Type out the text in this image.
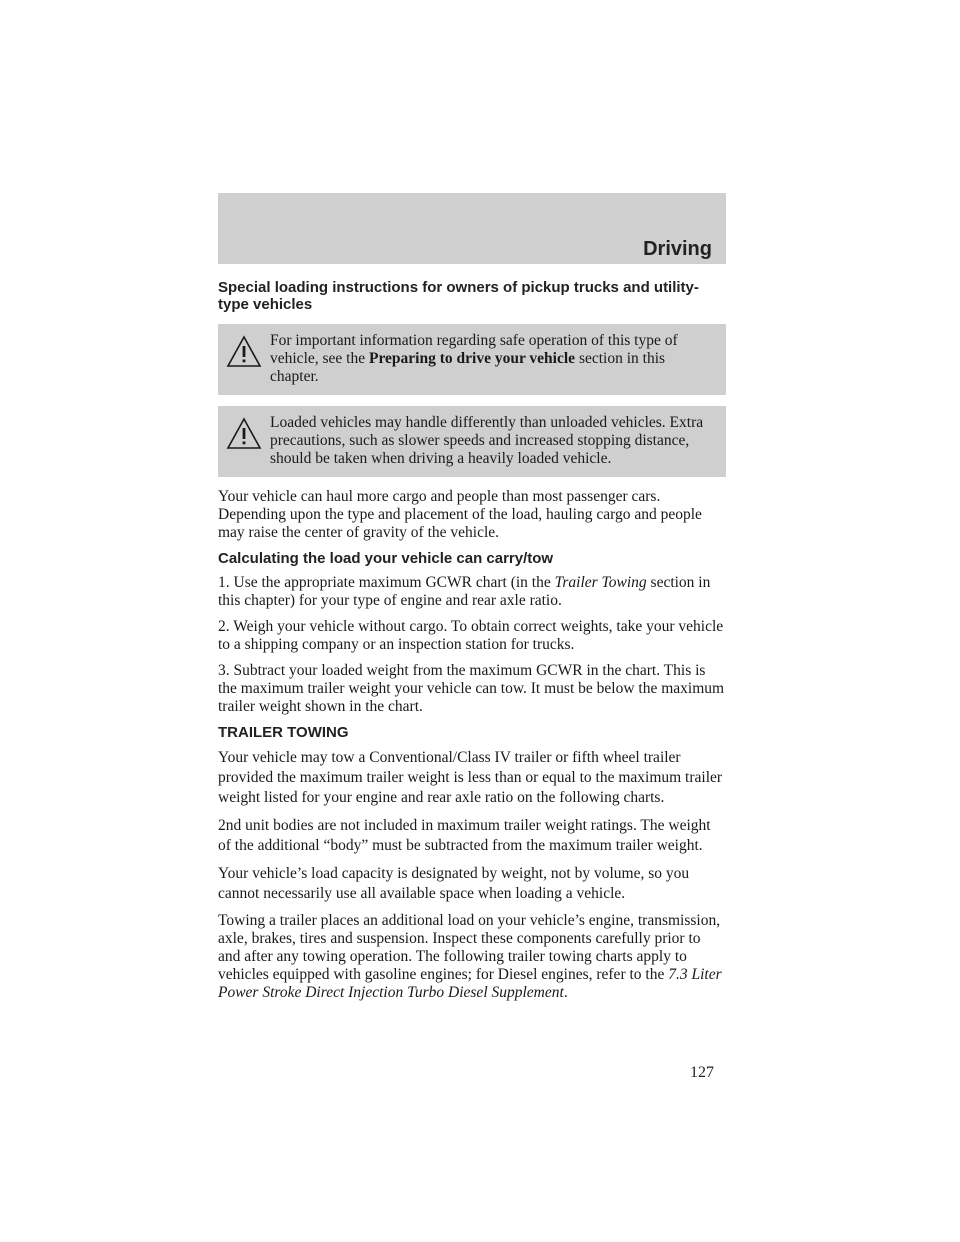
Driving
Special loading instructions for owners of pickup trucks and utility-type vehicles

For important information regarding safe operation of this type of vehicle, see the Preparing to drive your vehicle section in this chapter.

Loaded vehicles may handle differently than unloaded vehicles. Extra precautions, such as slower speeds and increased stopping distance, should be taken when driving a heavily loaded vehicle.

Your vehicle can haul more cargo and people than most passenger cars. Depending upon the type and placement of the load, hauling cargo and people may raise the center of gravity of the vehicle.

Calculating the load your vehicle can carry/tow

1. Use the appropriate maximum GCWR chart (in the Trailer Towing section in this chapter) for your type of engine and rear axle ratio.

2. Weigh your vehicle without cargo. To obtain correct weights, take your vehicle to a shipping company or an inspection station for trucks.

3. Subtract your loaded weight from the maximum GCWR in the chart. This is the maximum trailer weight your vehicle can tow. It must be below the maximum trailer weight shown in the chart.

TRAILER TOWING

Your vehicle may tow a Conventional/Class IV trailer or fifth wheel trailer provided the maximum trailer weight is less than or equal to the maximum trailer weight listed for your engine and rear axle ratio on the following charts.

2nd unit bodies are not included in maximum trailer weight ratings. The weight of the additional “body” must be subtracted from the maximum trailer weight.

Your vehicle’s load capacity is designated by weight, not by volume, so you cannot necessarily use all available space when loading a vehicle.

Towing a trailer places an additional load on your vehicle’s engine, transmission, axle, brakes, tires and suspension. Inspect these components carefully prior to and after any towing operation. The following trailer towing charts apply to vehicles equipped with gasoline engines; for Diesel engines, refer to the 7.3 Liter Power Stroke Direct Injection Turbo Diesel Supplement.

127
